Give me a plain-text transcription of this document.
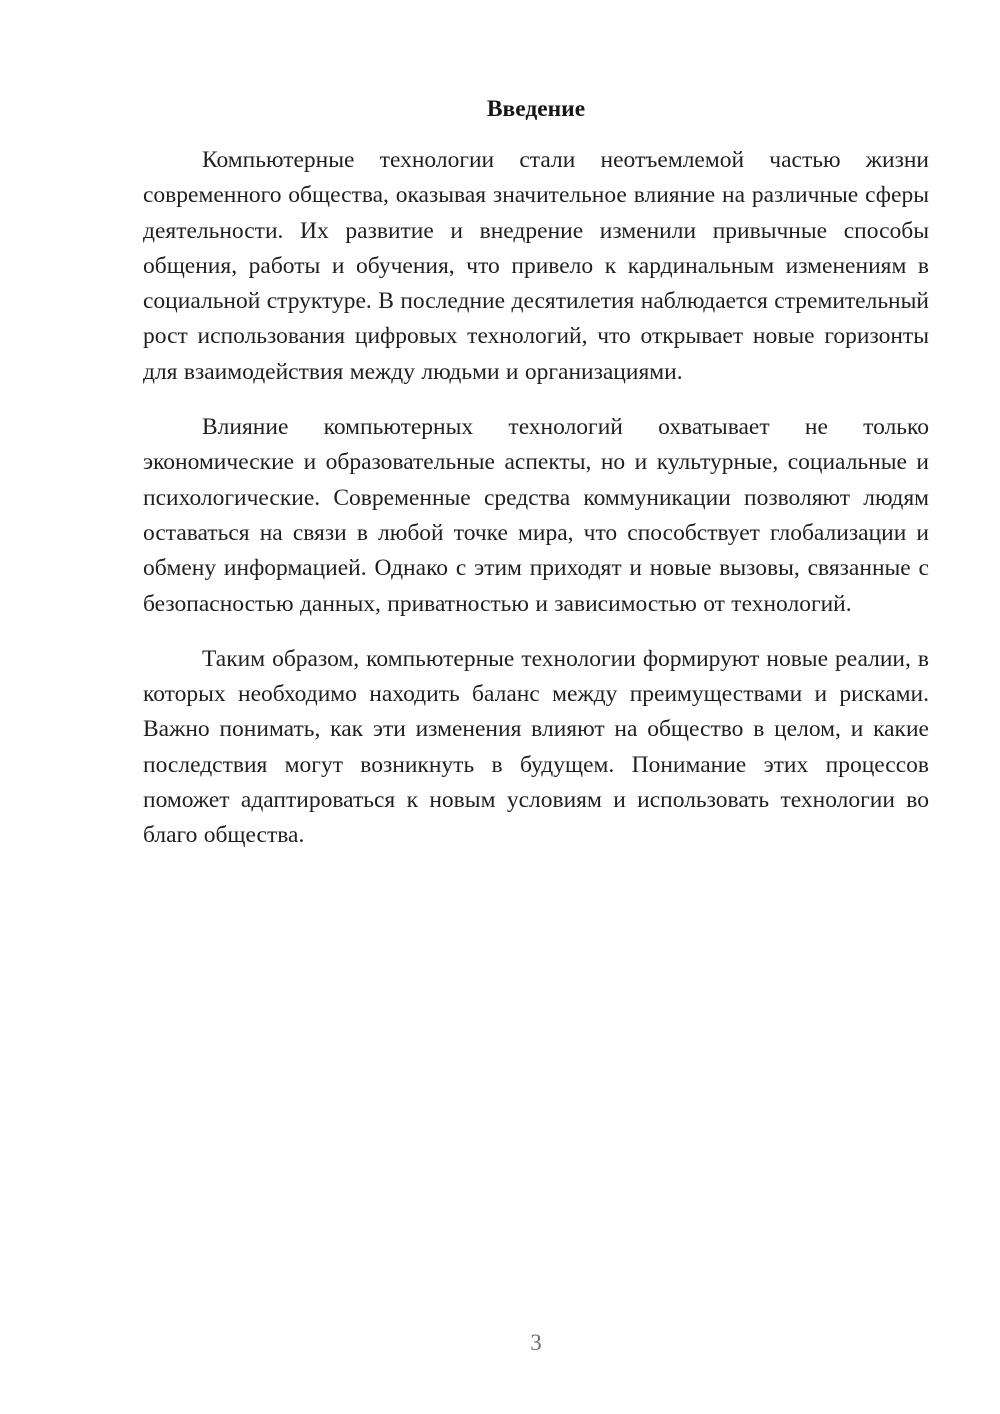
Введение

Компьютерные технологии стали неотъемлемой частью жизни современного общества, оказывая значительное влияние на различные сферы деятельности. Их развитие и внедрение изменили привычные способы общения, работы и обучения, что привело к кардинальным изменениям в социальной структуре. В последние десятилетия наблюдается стремительный рост использования цифровых технологий, что открывает новые горизонты для взаимодействия между людьми и организациями.

Влияние компьютерных технологий охватывает не только экономические и образовательные аспекты, но и культурные, социальные и психологические. Современные средства коммуникации позволяют людям оставаться на связи в любой точке мира, что способствует глобализации и обмену информацией. Однако с этим приходят и новые вызовы, связанные с безопасностью данных, приватностью и зависимостью от технологий.

Таким образом, компьютерные технологии формируют новые реалии, в которых необходимо находить баланс между преимуществами и рисками. Важно понимать, как эти изменения влияют на общество в целом, и какие последствия могут возникнуть в будущем. Понимание этих процессов поможет адаптироваться к новым условиям и использовать технологии во благо общества.

3
